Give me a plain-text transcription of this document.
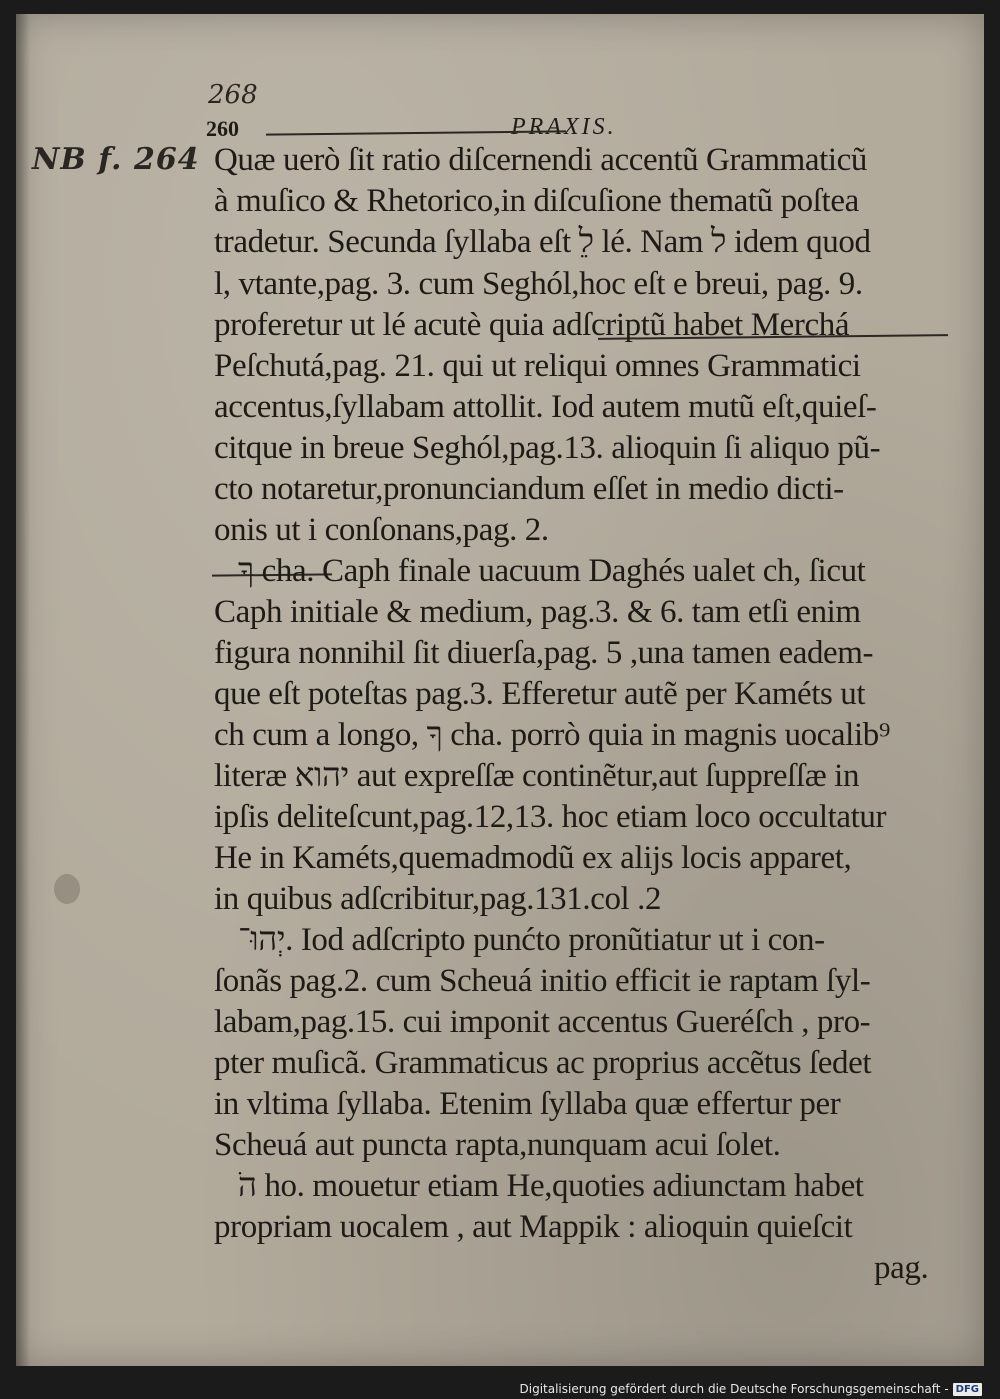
268
NB f. 264
260	PRAXIS.
Quæ uerò ſit ratio diſcernendi accentũ Grammaticũ
à muſico & Rhetorico,in diſcuſione thematũ poſtea
tradetur. Secunda ſyllaba eſt לֵ lé. Nam ל idem quod
l, vtante,pag. 3. cum Seghól,hoc eſt e breui, pag. 9.
proferetur ut lé acutè quia adſcriptũ habet Merchá
Peſchutá,pag. 21. qui ut reliqui omnes Grammatici
accentus,ſyllabam attollit. Iod autem mutũ eſt,quieſ-
citque in breue Seghól,pag.13. alioquin ſi aliquo pũ-
cto notaretur,pronunciandum eſſet in medio dicti-
onis ut i conſonans,pag. 2.
ךָ cha. Caph finale uacuum Daghés ualet ch, ſicut
Caph initiale & medium, pag.3. & 6. tam etſi enim
figura nonnihil ſit diuerſa,pag. 5 ,una tamen eadem-
que eſt poteſtas pag.3. Efferetur autẽ per Kaméts ut
ch cum a longo, ךָ cha. porrò quia in magnis uocalib⁹
literæ יהוא aut expreſſæ continẽtur,aut ſuppreſſæ in
ipſis deliteſcunt,pag.12,13. hoc etiam loco occultatur
He in Kaméts,quemadmodũ ex alijs locis apparet,
in quibus adſcribitur,pag.131.col .2
יְהוּ־. Iod adſcripto punćto pronũtiatur ut i con-
ſonãs pag.2. cum Scheuá initio efficit ie raptam ſyl-
labam,pag.15. cui imponit accentus Gueréſch , pro-
pter muſicã. Grammaticus ac proprius accẽtus ſedet
in vltima ſyllaba. Etenim ſyllaba quæ effertur per
Scheuá aut puncta rapta,nunquam acui ſolet.
הֹ ho. mouetur etiam He,quoties adiunctam habet
propriam uocalem , aut Mappik : alioquin quieſcit
pag.
Digitalisierung gefördert durch die Deutsche Forschungsgemeinschaft - DFG
